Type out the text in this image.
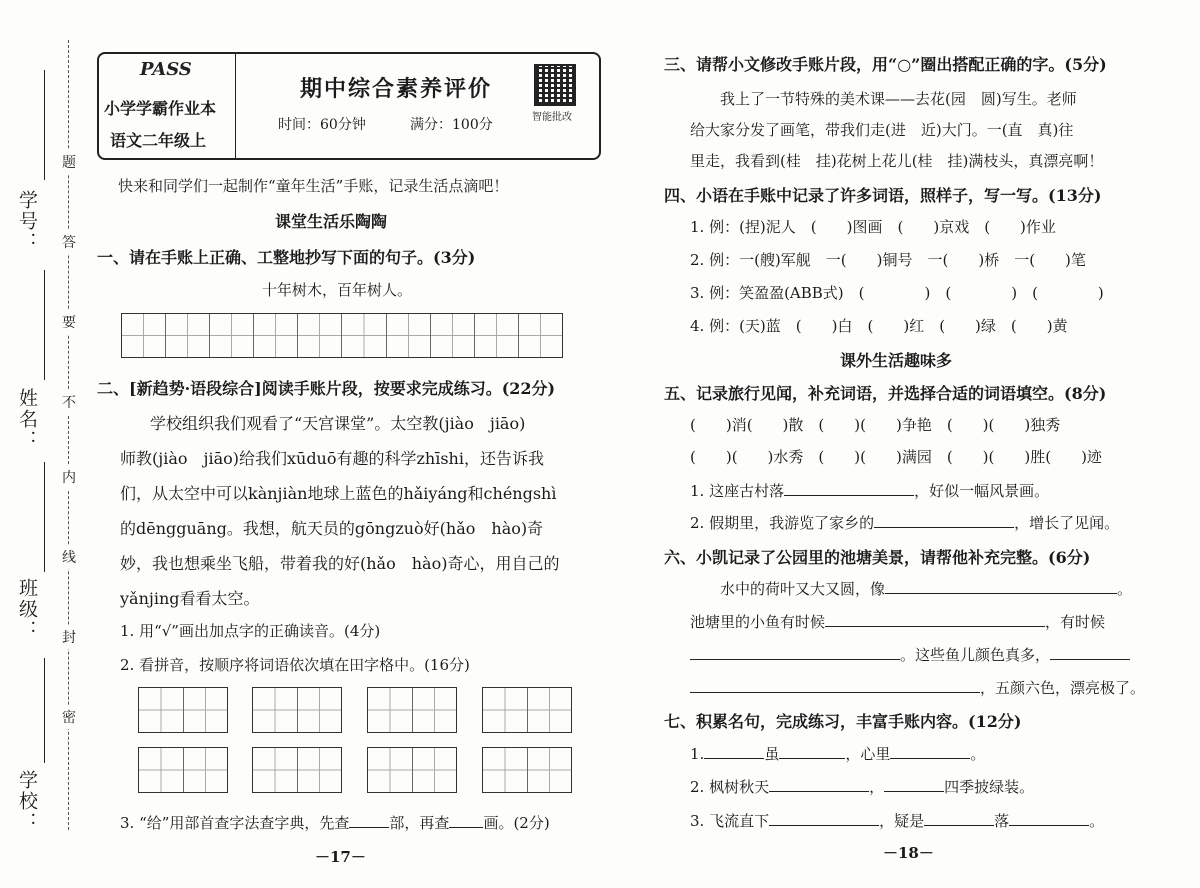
学号：
姓名：
班级：
学校：
题
答
要
不
内
线
封
密
PASS
小学学霸作业本
语文二年级上
期中综合素养评价
时间：60分钟	满分：100分	智能批改
快来和同学们一起制作“童年生活”手账，记录生活点滴吧！
课堂生活乐陶陶
一、请在手账上正确、工整地抄写下面的句子。(3分)
十年树木，百年树人。
二、[新趋势·语段综合]阅读手账片段，按要求完成练习。(22分)
学校组织我们观看了“天宫课堂”。太空教(jiào　jiāo)
师教(jiào　jiāo)给我们xūduō有趣的科学zhīshi，还告诉我
们，从太空中可以kànjiàn地球上蓝色的hǎiyáng和chéngshì
的dēngguāng。我想，航天员的gōngzuò好(hǎo　hào)奇
妙，我也想乘坐飞船，带着我的好(hǎo　hào)奇心，用自己的
yǎnjing看看太空。
1. 用“√”画出加点字的正确读音。(4分)
2. 看拼音，按顺序将词语依次填在田字格中。(16分)
3. “给”用部首查字法查字典，先查	部，再查 画。(2分)
－17－
三、请帮小文修改手账片段，用“○”圈出搭配正确的字。(5分)
我上了一节特殊的美术课——去花(园　圆)写生。老师
给大家分发了画笔，带我们走(进　近)大门。一(直　真)往
里走，我看到(桂　挂)花树上花儿(桂　挂)满枝头，真漂亮啊！
四、小语在手账中记录了许多词语，照样子，写一写。(13分)
1. 例：(捏)泥人　(　　)图画　(　　)京戏　(　　)作业
2. 例：一(艘)军舰　一(　　)铜号　一(　　)桥　一(　　)笔
3. 例：笑盈盈(ABB式)　(　　　　)　(　　　　)　(　　　　)
4. 例：(天)蓝　(　　)白　(　　)红　(　　)绿　(　　)黄
课外生活趣味多
五、记录旅行见闻，补充词语，并选择合适的词语填空。(8分)
(　　)消(　　)散　(　　)(　　)争艳　(　　)(　　)独秀
(　　)(　　)水秀　(　　)(　　)满园　(　　)(　　)胜(　　)迹
1. 这座古村落	，好似一幅风景画。
2. 假期里，我游览了家乡的	，增长了见闻。
六、小凯记录了公园里的池塘美景，请帮他补充完整。(6分)
水中的荷叶又大又圆，像	。
池塘里的小鱼有时候	，有时候
。这些鱼儿颜色真多，
，五颜六色，漂亮极了。
七、积累名句，完成练习，丰富手账内容。(12分)
1.	虽	，心里	。
2. 枫树秋天	，	四季披绿装。
3. 飞流直下	，疑是	落	。
－18－
